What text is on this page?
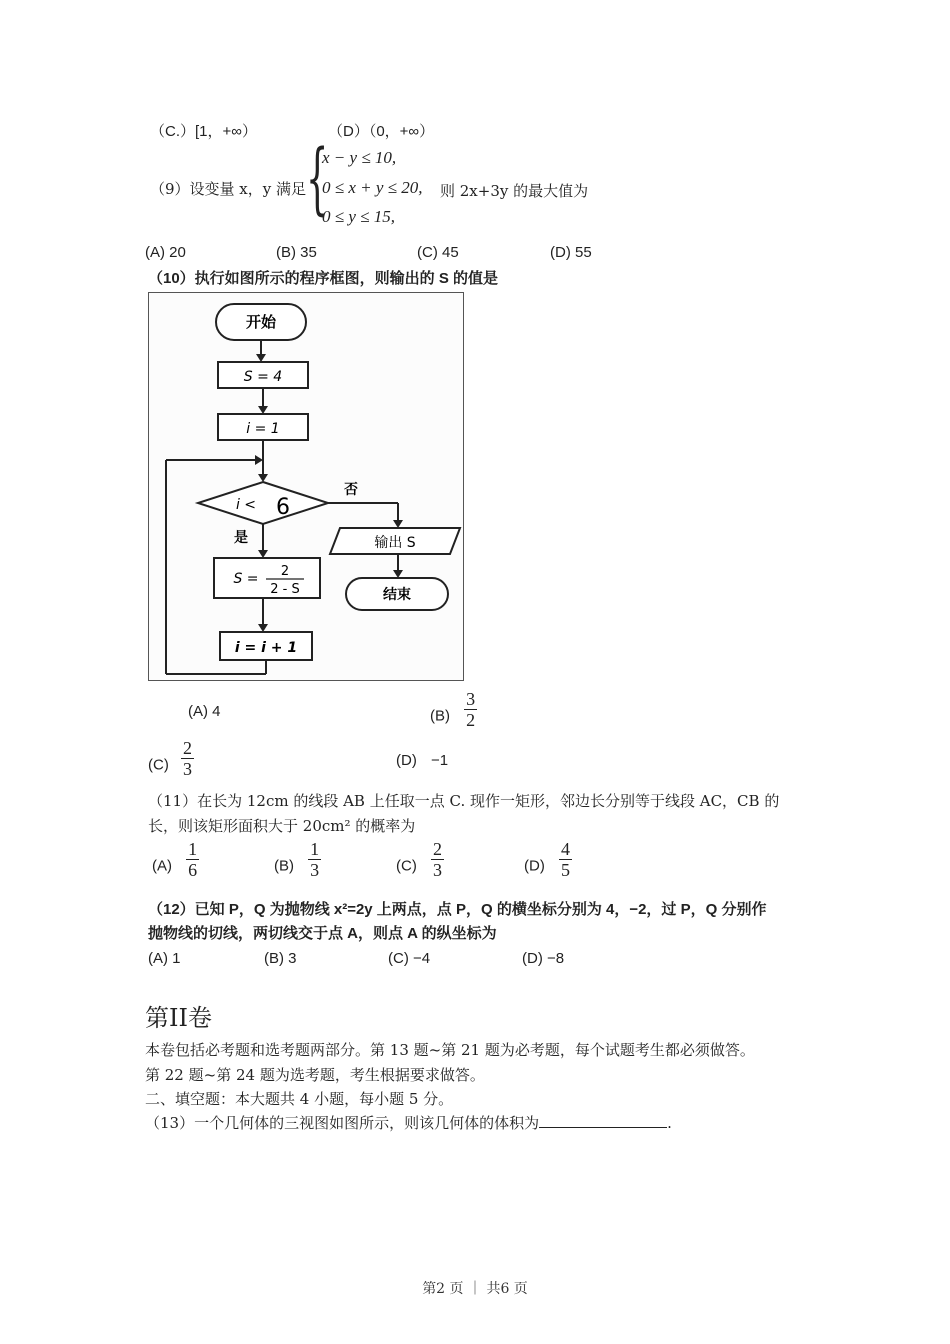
（C.）[1，+∞）	（D）（0，+∞）
（9）设变量 x，y 满足 {
x − y ≤ 10,
0 ≤ x + y ≤ 20,
0 ≤ y ≤ 15,
则 2x+3y 的最大值为
(A) 20	(B) 35	(C) 45	(D) 55
（10）执行如图所示的程序框图，则输出的 S 的值是
开始
S = 4
i = 1
i < 6
否
输出 S
结束
是
S = 2
2 - S
i = i + 1
(A) 4	$(B) \frac{3}{2}$
$(C) \frac{2}{3}$	(D) −1
（11）在长为 12cm 的线段 AB 上任取一点 C. 现作一矩形，邻边长分别等于线段 AC，CB 的
长，则该矩形面积大于 20cm² 的概率为
$(A) \frac{1}{6}$	$(B) \frac{1}{3}$	$(C) \frac{2}{3}$	$(D) \frac{4}{5}$
（12）已知 P，Q 为抛物线 x²=2y 上两点，点 P，Q 的横坐标分别为 4，−2，过 P，Q 分别作
抛物线的切线，两切线交于点 A，则点 A 的纵坐标为
(A) 1	(B) 3	(C) −4	(D) −8
第II卷
本卷包括必考题和选考题两部分。第 13 题~第 21 题为必考题，每个试题考生都必须做答。
第 22 题~第 24 题为选考题，考生根据要求做答。
二、填空题：本大题共 4 小题，每小题 5 分。
（13）一个几何体的三视图如图所示，则该几何体的体积为	.
第2 页 ｜ 共6 页
